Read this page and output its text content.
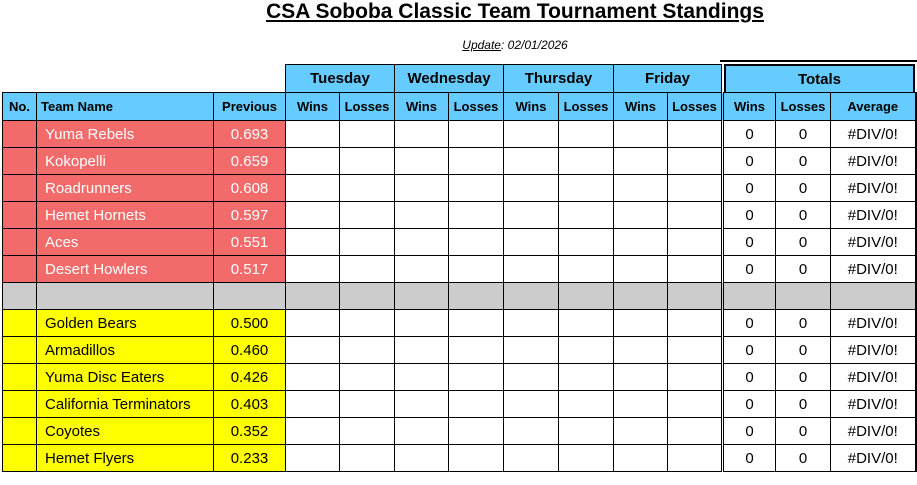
CSA Soboba Classic Team Tournament Standings
Update: 02/01/2026
Tuesday	Wednesday	Thursday	Friday	Totals
No.	Team Name	Previous	Wins	Losses	Wins	Losses	Wins	Losses	Wins	Losses	Wins	Losses	Average
	Yuma Rebels	0.693									0	0	#DIV/0!
	Kokopelli	0.659									0	0	#DIV/0!
	Roadrunners	0.608									0	0	#DIV/0!
	Hemet Hornets	0.597									0	0	#DIV/0!
	Aces	0.551									0	0	#DIV/0!
	Desert Howlers	0.517									0	0	#DIV/0!

	Golden Bears	0.500									0	0	#DIV/0!
	Armadillos	0.460									0	0	#DIV/0!
	Yuma Disc Eaters	0.426									0	0	#DIV/0!
	California Terminators	0.403									0	0	#DIV/0!
	Coyotes	0.352									0	0	#DIV/0!
	Hemet Flyers	0.233									0	0	#DIV/0!
